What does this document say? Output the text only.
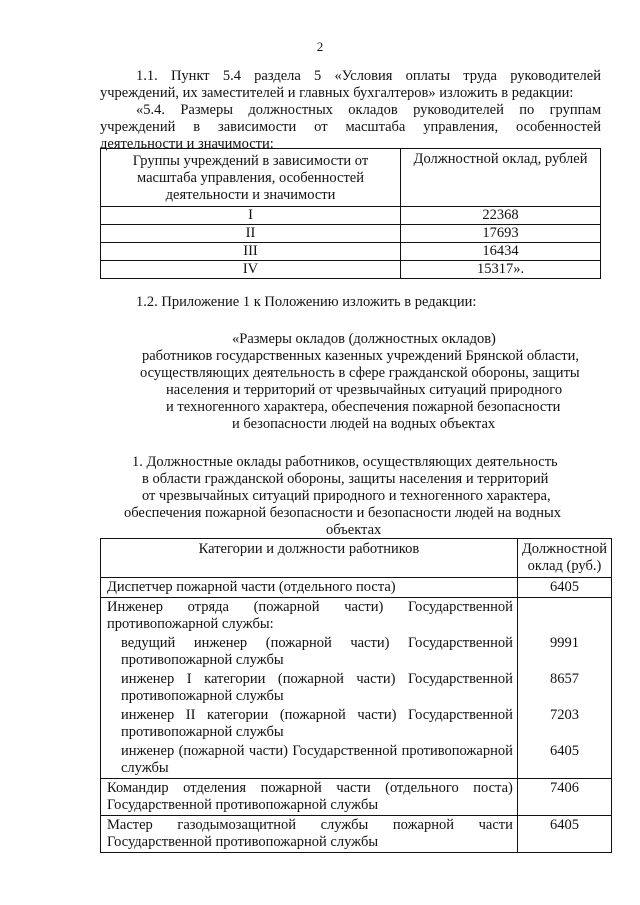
2
1.1. Пункт 5.4 раздела 5 «Условия оплаты труда руководителей учреждений, их заместителей и главных бухгалтеров» изложить в редакции:
«5.4. Размеры должностных окладов руководителей по группам учреждений в зависимости от масштаба управления, особенностей деятельности и значимости:
Группы учреждений в зависимости от масштаба управления, особенностей деятельности и значимости	Должностной оклад, рублей
I	22368
II	17693
III	16434
IV	15317».
1.2. Приложение 1 к Положению изложить в редакции:
«Размеры окладов (должностных окладов)
работников государственных казенных учреждений Брянской области,
осуществляющих деятельность в сфере гражданской обороны, защиты
населения и территорий от чрезвычайных ситуаций природного
и техногенного характера, обеспечения пожарной безопасности
и безопасности людей на водных объектах
1. Должностные оклады работников, осуществляющих деятельность
в области гражданской обороны, защиты населения и территорий
от чрезвычайных ситуаций природного и техногенного характера,
обеспечения пожарной безопасности и безопасности людей на водных
объектах
Категории и должности работников	Должностной оклад (руб.)
Диспетчер пожарной части (отдельного поста)	6405
Инженер отряда (пожарной части) Государственной противопожарной службы:	
ведущий инженер (пожарной части) Государственной противопожарной службы	9991
инженер I категории (пожарной части) Государственной противопожарной службы	8657
инженер II категории (пожарной части) Государственной противопожарной службы	7203
инженер (пожарной части) Государственной противопожарной службы	6405
Командир отделения пожарной части (отдельного поста) Государственной противопожарной службы	7406
Мастер газодымозащитной службы пожарной части Государственной противопожарной службы	6405
